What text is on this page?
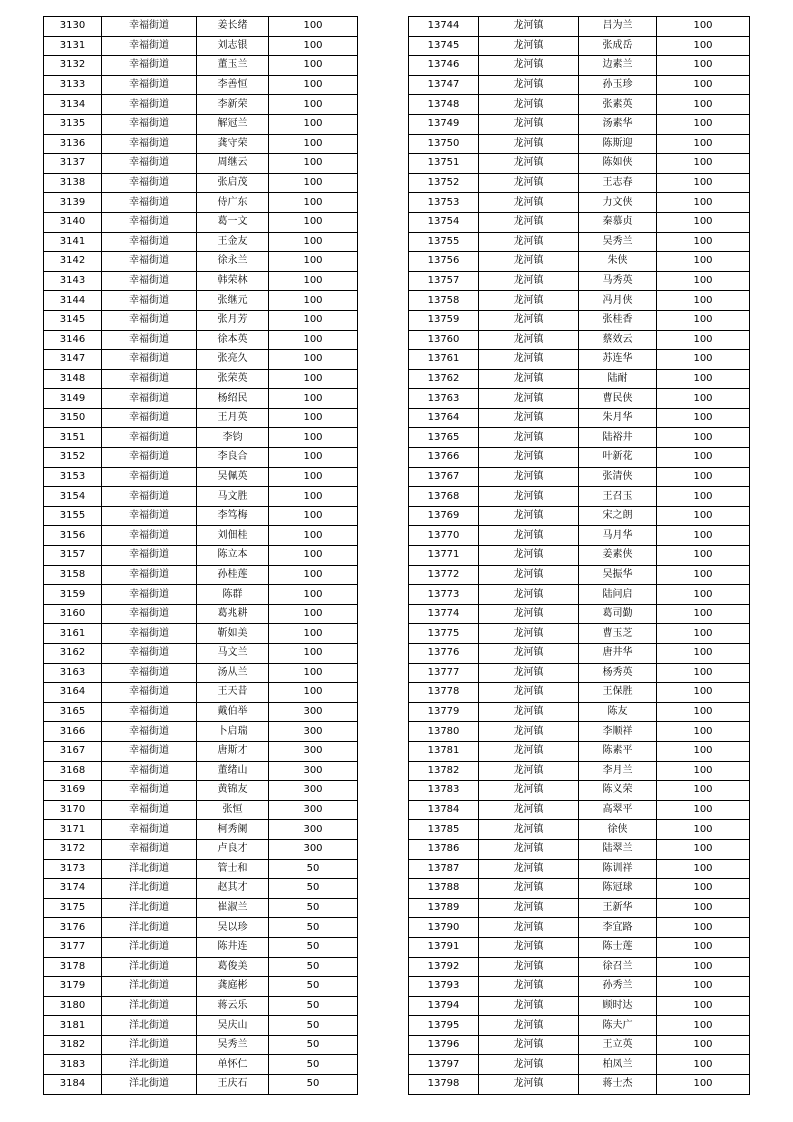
3130	幸福街道	姜长绪	100
3131	幸福街道	刘志银	100
3132	幸福街道	董玉兰	100
3133	幸福街道	李善恒	100
3134	幸福街道	李新荣	100
3135	幸福街道	解冠兰	100
3136	幸福街道	龚守荣	100
3137	幸福街道	周继云	100
3138	幸福街道	张启茂	100
3139	幸福街道	侍广东	100
3140	幸福街道	葛一文	100
3141	幸福街道	王金友	100
3142	幸福街道	徐永兰	100
3143	幸福街道	韩荣林	100
3144	幸福街道	张继元	100
3145	幸福街道	张月芳	100
3146	幸福街道	徐本英	100
3147	幸福街道	张亮久	100
3148	幸福街道	张荣英	100
3149	幸福街道	杨绍民	100
3150	幸福街道	王月英	100
3151	幸福街道	李钧	100
3152	幸福街道	李良合	100
3153	幸福街道	吴佩英	100
3154	幸福街道	马文胜	100
3155	幸福街道	李笃梅	100
3156	幸福街道	刘佃桂	100
3157	幸福街道	陈立本	100
3158	幸福街道	孙桂莲	100
3159	幸福街道	陈群	100
3160	幸福街道	葛兆耕	100
3161	幸福街道	靳如美	100
3162	幸福街道	马文兰	100
3163	幸福街道	汤从兰	100
3164	幸福街道	王天昔	100
3165	幸福街道	戴伯举	300
3166	幸福街道	卜启瑞	300
3167	幸福街道	唐斯才	300
3168	幸福街道	董绪山	300
3169	幸福街道	黄锦友	300
3170	幸福街道	张恒	300
3171	幸福街道	柯秀阑	300
3172	幸福街道	卢良才	300
3173	洋北街道	管士和	50
3174	洋北街道	赵其才	50
3175	洋北街道	崔淑兰	50
3176	洋北街道	吴以珍	50
3177	洋北街道	陈井连	50
3178	洋北街道	葛俊美	50
3179	洋北街道	龚庭彬	50
3180	洋北街道	蒋云乐	50
3181	洋北街道	吴庆山	50
3182	洋北街道	吴秀兰	50
3183	洋北街道	单怀仁	50
3184	洋北街道	王庆石	50
13744	龙河镇	吕为兰	100
13745	龙河镇	张成岳	100
13746	龙河镇	边素兰	100
13747	龙河镇	孙玉珍	100
13748	龙河镇	张素英	100
13749	龙河镇	汤素华	100
13750	龙河镇	陈斯迎	100
13751	龙河镇	陈如侠	100
13752	龙河镇	王志春	100
13753	龙河镇	力文侠	100
13754	龙河镇	秦慕贞	100
13755	龙河镇	吴秀兰	100
13756	龙河镇	朱侠	100
13757	龙河镇	马秀英	100
13758	龙河镇	冯月侠	100
13759	龙河镇	张桂香	100
13760	龙河镇	蔡效云	100
13761	龙河镇	苏连华	100
13762	龙河镇	陆耐	100
13763	龙河镇	曹民侠	100
13764	龙河镇	朱月华	100
13765	龙河镇	陆裕井	100
13766	龙河镇	叶新花	100
13767	龙河镇	张清侠	100
13768	龙河镇	王召玉	100
13769	龙河镇	宋之朗	100
13770	龙河镇	马月华	100
13771	龙河镇	姜素侠	100
13772	龙河镇	吴振华	100
13773	龙河镇	陆问启	100
13774	龙河镇	葛司勤	100
13775	龙河镇	曹玉芝	100
13776	龙河镇	唐井华	100
13777	龙河镇	杨秀英	100
13778	龙河镇	王保胜	100
13779	龙河镇	陈友	100
13780	龙河镇	李顺祥	100
13781	龙河镇	陈素平	100
13782	龙河镇	李月兰	100
13783	龙河镇	陈义荣	100
13784	龙河镇	高翠平	100
13785	龙河镇	徐侠	100
13786	龙河镇	陆翠兰	100
13787	龙河镇	陈训祥	100
13788	龙河镇	陈冠球	100
13789	龙河镇	王新华	100
13790	龙河镇	李宜路	100
13791	龙河镇	陈士莲	100
13792	龙河镇	徐召兰	100
13793	龙河镇	孙秀兰	100
13794	龙河镇	顾时达	100
13795	龙河镇	陈夫广	100
13796	龙河镇	王立英	100
13797	龙河镇	柏凤兰	100
13798	龙河镇	蒋士杰	100
